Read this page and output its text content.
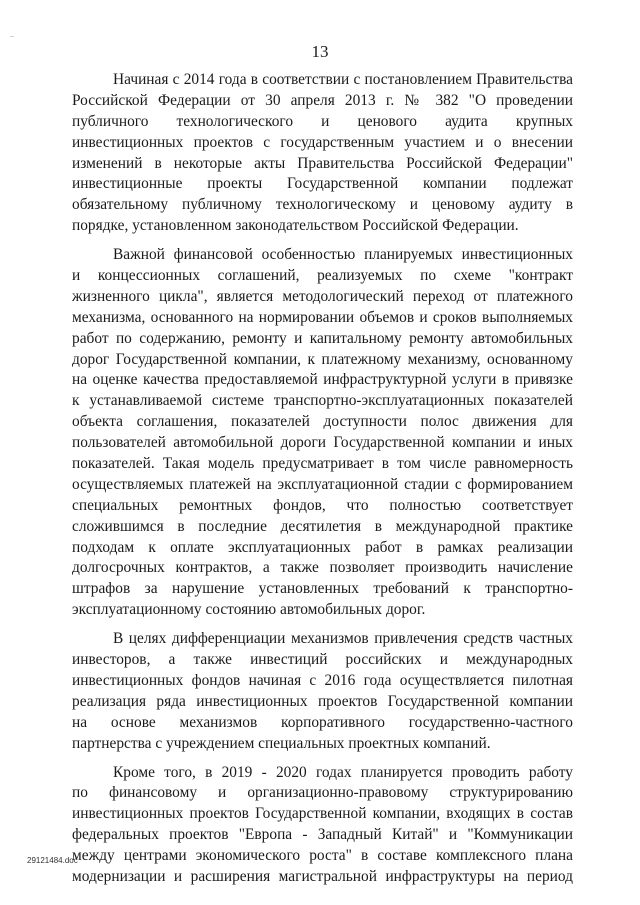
13

Начиная с 2014 года в соответствии с постановлением Правительства
Российской Федерации от 30 апреля 2013 г. № 382 "О проведении
публичного технологического и ценового аудита крупных
инвестиционных проектов с государственным участием и о внесении
изменений в некоторые акты Правительства Российской Федерации"
инвестиционные проекты Государственной компании подлежат
обязательному публичному технологическому и ценовому аудиту в
порядке, установленном законодательством Российской Федерации.

Важной финансовой особенностью планируемых инвестиционных
и концессионных соглашений, реализуемых по схеме "контракт
жизненного цикла", является методологический переход от платежного
механизма, основанного на нормировании объемов и сроков выполняемых
работ по содержанию, ремонту и капитальному ремонту автомобильных
дорог Государственной компании, к платежному механизму, основанному
на оценке качества предоставляемой инфраструктурной услуги в привязке
к устанавливаемой системе транспортно-эксплуатационных показателей
объекта соглашения, показателей доступности полос движения для
пользователей автомобильной дороги Государственной компании и иных
показателей. Такая модель предусматривает в том числе равномерность
осуществляемых платежей на эксплуатационной стадии с формированием
специальных ремонтных фондов, что полностью соответствует
сложившимся в последние десятилетия в международной практике
подходам к оплате эксплуатационных работ в рамках реализации
долгосрочных контрактов, а также позволяет производить начисление
штрафов за нарушение установленных требований к транспортно-
эксплуатационному состоянию автомобильных дорог.

В целях дифференциации механизмов привлечения средств частных
инвесторов, а также инвестиций российских и международных
инвестиционных фондов начиная с 2016 года осуществляется пилотная
реализация ряда инвестиционных проектов Государственной компании
на основе механизмов корпоративного государственно-частного
партнерства с учреждением специальных проектных компаний.

Кроме того, в 2019 - 2020 годах планируется проводить работу
по финансовому и организационно-правовому структурированию
инвестиционных проектов Государственной компании, входящих в состав
федеральных проектов "Европа - Западный Китай" и "Коммуникации
между центрами экономического роста" в составе комплексного плана
модернизации и расширения магистральной инфраструктуры на период

29121484.doc
